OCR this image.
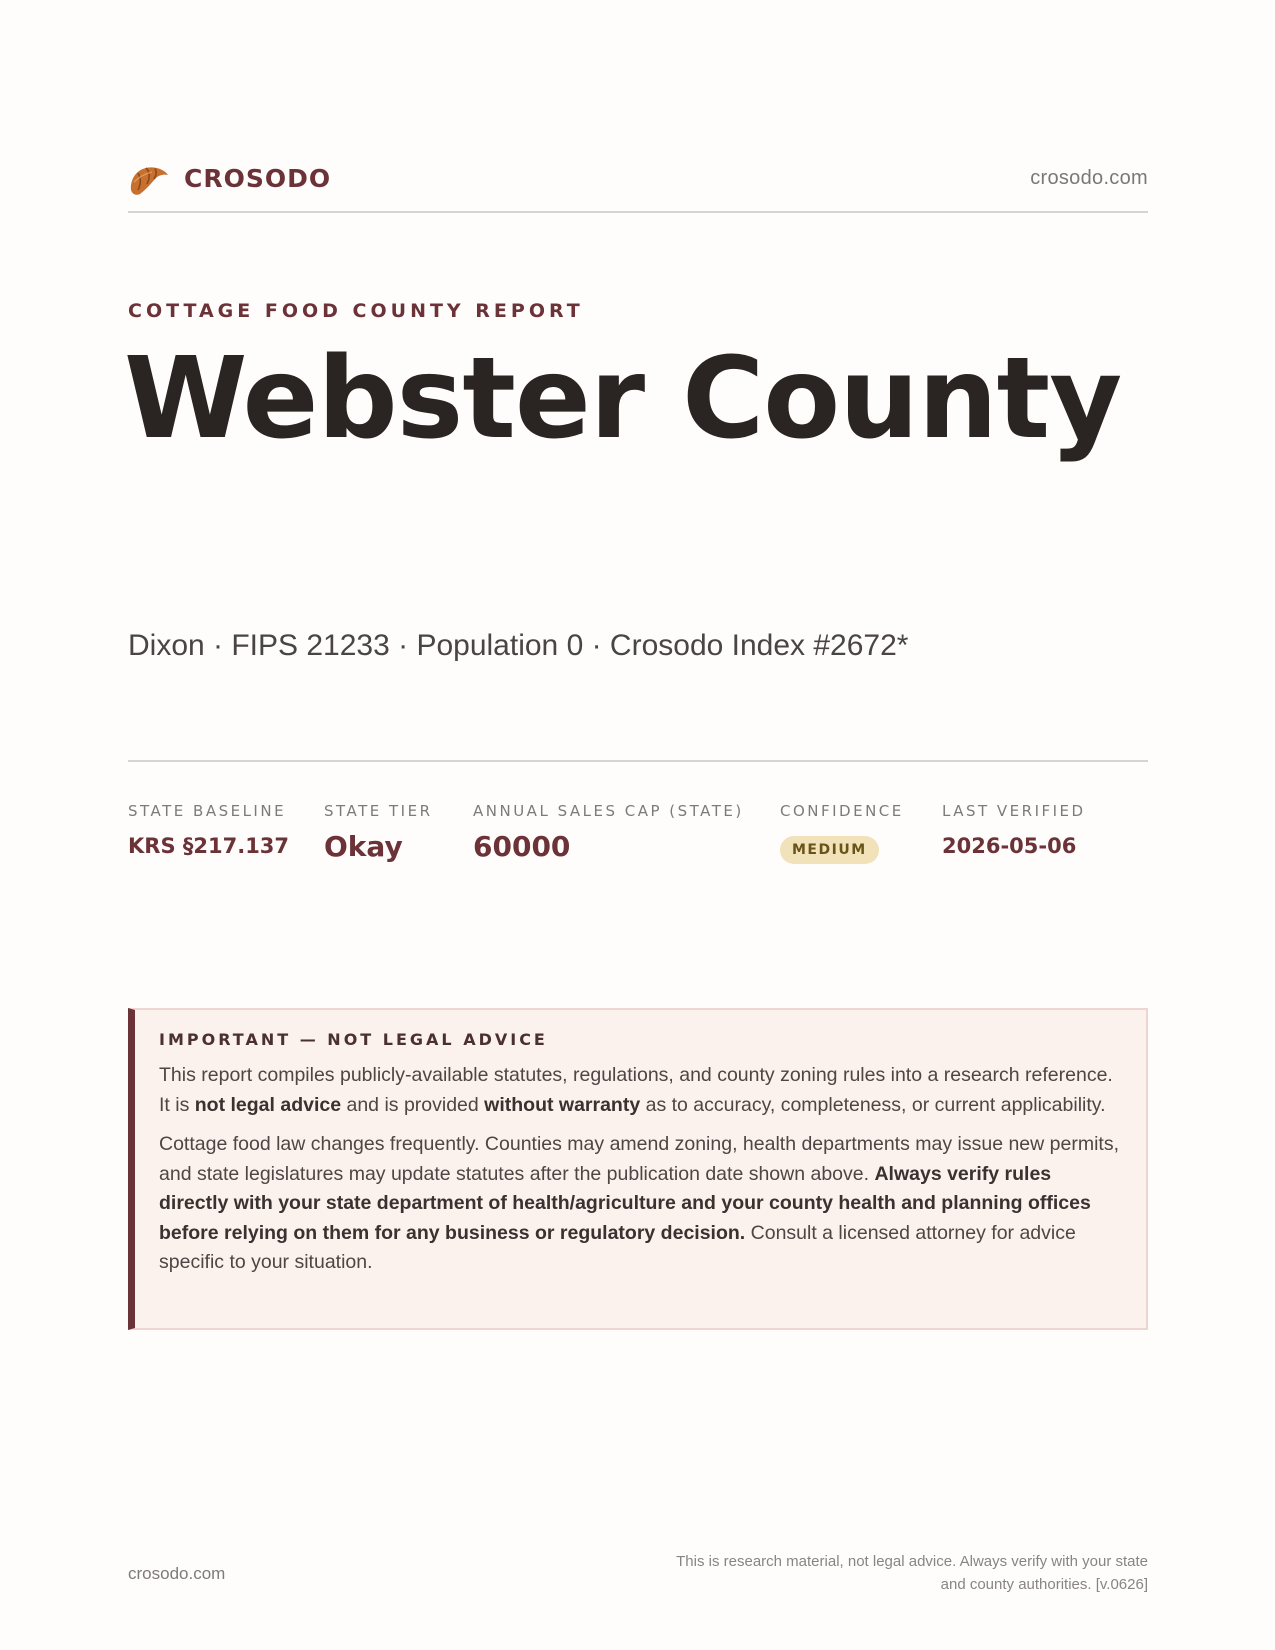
CROSODO	crosodo.com
COTTAGE FOOD COUNTY REPORT
Webster County
Dixon · FIPS 21233 · Population 0 · Crosodo Index #2672*
STATE BASELINE
KRS §217.137
STATE TIER
Okay
ANNUAL SALES CAP (STATE)
60000
CONFIDENCE
MEDIUM
LAST VERIFIED
2026-05-06
IMPORTANT — NOT LEGAL ADVICE

This report compiles publicly-available statutes, regulations, and county zoning rules into a research reference. It is not legal advice and is provided without warranty as to accuracy, completeness, or current applicability.

Cottage food law changes frequently. Counties may amend zoning, health departments may issue new permits, and state legislatures may update statutes after the publication date shown above. Always verify rules directly with your state department of health/agriculture and your county health and planning offices before relying on them for any business or regulatory decision. Consult a licensed attorney for advice specific to your situation.

crosodo.com
This is research material, not legal advice. Always verify with your state
and county authorities. [v.0626]
